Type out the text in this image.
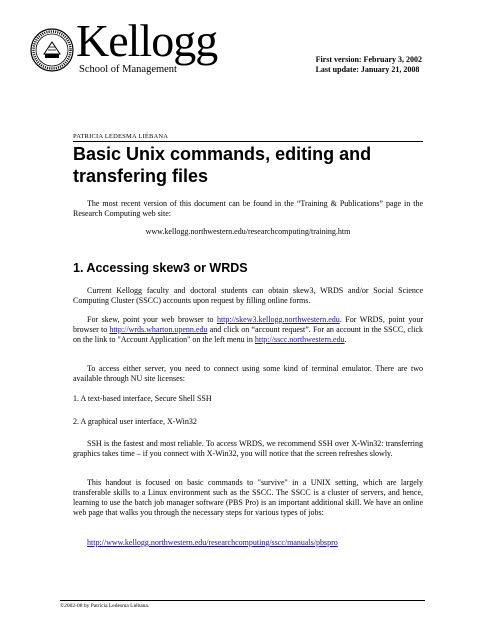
Kellogg
School of Management
First version: February 3, 2002
Last update: January 21, 2008
PATRICIA LEDESMA LIÉBANA
Basic Unix commands, editing and transfering files
The most recent version of this document can be found in the “Training & Publications” page in the Research Computing web site:
www.kellogg.northwestern.edu/researchcomputing/training.htm
1. Accessing skew3 or WRDS
Current Kellogg faculty and doctoral students can obtain skew3, WRDS and/or Social Science Computing Cluster (SSCC) accounts upon request by filling online forms.
For skew, point your web browser to http://skew3.kellogg.northwestern.edu. For WRDS, point your browser to http://wrds.wharton.upenn.edu and click on “account request”. For an account in the SSCC, click on the link to "Account Application" on the left menu in http://sscc.northwestern.edu.
To access either server, you need to connect using some kind of terminal emulator. There are two available through NU site licenses:
1. A text-based interface, Secure Shell SSH
2. A graphical user interface, X-Win32
SSH is the fastest and most reliable. To access WRDS, we recommend SSH over X-Win32: transferring graphics takes time – if you connect with X-Win32, you will notice that the screen refreshes slowly.
This handout is focused on basic commands to "survive" in a UNIX setting, which are largely transferable skills to a Linux environment such as the SSCC. The SSCC is a cluster of servers, and hence, learning to use the batch job manager software (PBS Pro) is an important additional skill. We have an online web page that walks you through the necessary steps for various types of jobs:
http://www.kellogg.northwestern.edu/researchcomputing/sscc/manuals/pbspro
©2002-08 by Patricia Ledesma Liébana.
